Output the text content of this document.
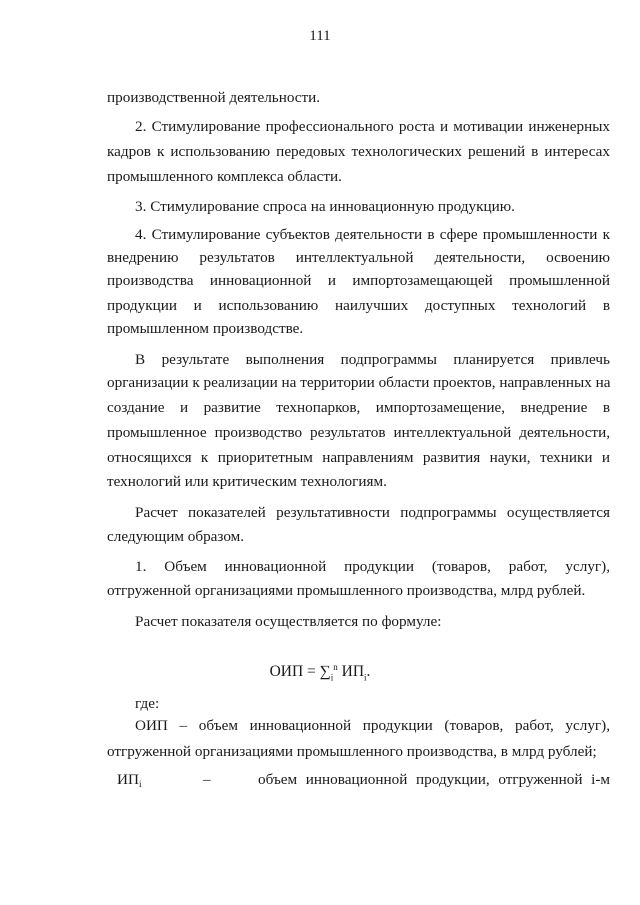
111
производственной деятельности.
2. Стимулирование профессионального роста и мотивации инженерных
кадров к использованию передовых технологических решений в интересах
промышленного комплекса области.
3. Стимулирование спроса на инновационную продукцию.
4. Стимулирование субъектов деятельности в сфере промышленности к
внедрению результатов интеллектуальной деятельности, освоению
производства инновационной и импортозамещающей промышленной
продукции и использованию наилучших доступных технологий в
промышленном производстве.
В результате выполнения подпрограммы планируется привлечь
организации к реализации на территории области проектов, направленных на
создание и развитие технопарков, импортозамещение, внедрение в
промышленное производство результатов интеллектуальной деятельности,
относящихся к приоритетным направлениям развития науки, техники и
технологий или критическим технологиям.
Расчет показателей результативности подпрограммы осуществляется
следующим образом.
1. Объем инновационной продукции (товаров, работ, услуг),
отгруженной организациями промышленного производства, млрд рублей.
Расчет показателя осуществляется по формуле:
ОИП = $\sum_i^n$ $ИП_i$.
где:
ОИП – объем инновационной продукции (товаров, работ, услуг),
отгруженной организациями промышленного производства, в млрд рублей;
ИПi	–	объем инновационной продукции, отгруженной i-м
